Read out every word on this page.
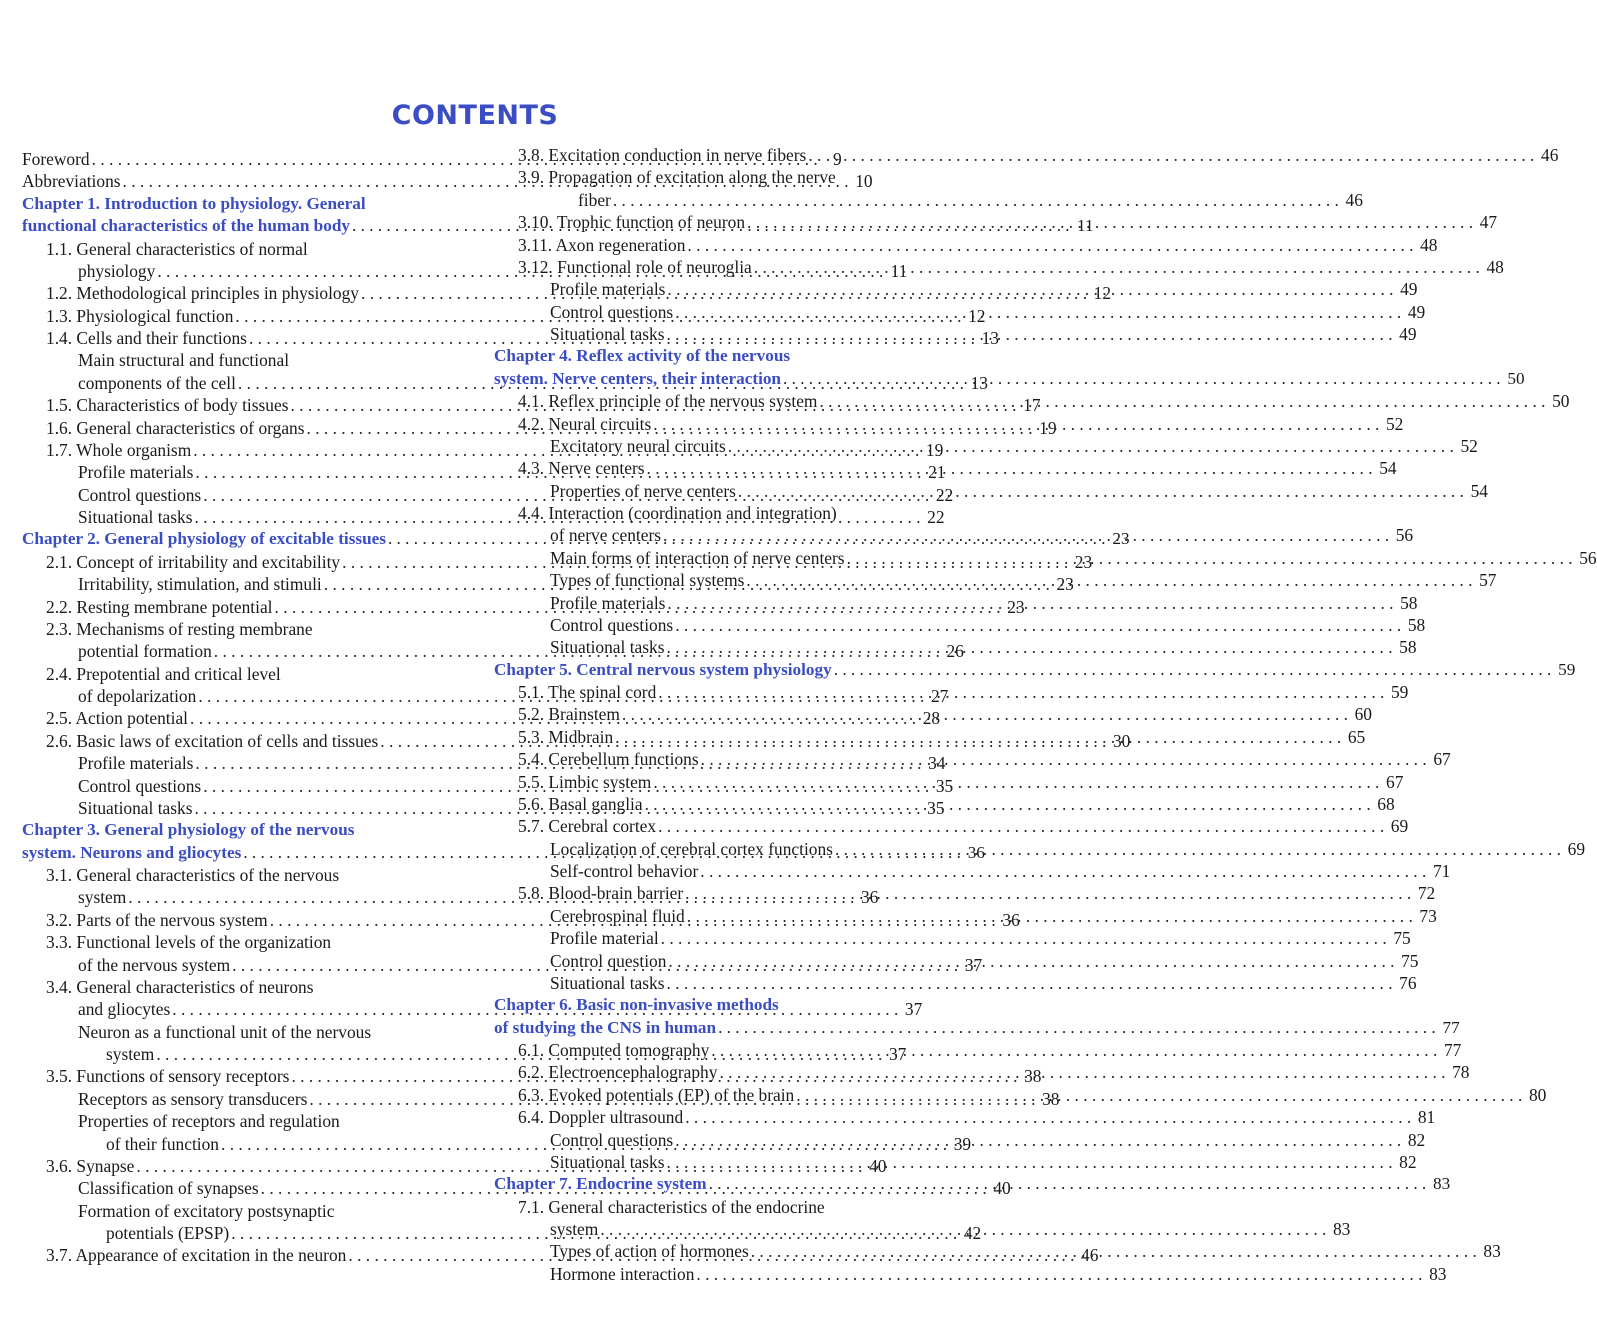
CONTENTS
Foreword . . .	9
Abbreviations . . .	10
Chapter 1. Introduction to physiology. General
functional characteristics of the human body . . .	11
1.1. General characteristics of normal
physiology . . .	11
1.2. Methodological principles in physiology . . .	12
1.3. Physiological function . . .	12
1.4. Cells and their functions . . .	13
Main structural and functional
components of the cell . . .	13
1.5. Characteristics of body tissues . . .	17
1.6. General characteristics of organs . . .	19
1.7. Whole organism . . .	19
Profile materials . . .	21
Control questions . . .	22
Situational tasks . . .	22
Chapter 2. General physiology of excitable tissues . . .	23
2.1. Concept of irritability and excitability . . .	23
Irritability, stimulation, and stimuli . . .	23
2.2. Resting membrane potential . . .	23
2.3. Mechanisms of resting membrane
potential formation . . .	26
2.4. Prepotential and critical level
of depolarization . . .	27
2.5. Action potential . . .	28
2.6. Basic laws of excitation of cells and tissues . . .	30
Profile materials . . .	34
Control questions . . .	35
Situational tasks . . .	35
Chapter 3. General physiology of the nervous
system. Neurons and gliocytes . . .	36
3.1. General characteristics of the nervous
system . . .	36
3.2. Parts of the nervous system . . .	36
3.3. Functional levels of the organization
of the nervous system . . .	37
3.4. General characteristics of neurons
and gliocytes . . .	37
Neuron as a functional unit of the nervous
system . . .	37
3.5. Functions of sensory receptors . . .	38
Receptors as sensory transducers . . .	38
Properties of receptors and regulation
of their function . . .	39
3.6. Synapse . . .	40
Classification of synapses . . .	40
Formation of excitatory postsynaptic
potentials (EPSP) . . .	42
3.7. Appearance of excitation in the neuron . . .	46
3.8. Excitation conduction in nerve fibers . . .	46
3.9. Propagation of excitation along the nerve
fiber . . .	46
3.10. Trophic function of neuron . . .	47
3.11. Axon regeneration . . .	48
3.12. Functional role of neuroglia . . .	48
Profile materials . . .	49
Control questions . . .	49
Situational tasks . . .	49
Chapter 4. Reflex activity of the nervous
system. Nerve centers, their interaction . . .	50
4.1. Reflex principle of the nervous system . . .	50
4.2. Neural circuits . . .	52
Excitatory neural circuits . . .	52
4.3. Nerve centers . . .	54
Properties of nerve centers . . .	54
4.4. Interaction (coordination and integration)
of nerve centers . . .	56
Main forms of interaction of nerve centers . . .	56
Types of functional systems . . .	57
Profile materials . . .	58
Control questions . . .	58
Situational tasks . . .	58
Chapter 5. Central nervous system physiology . . .	59
5.1. The spinal cord . . .	59
5.2. Brainstem . . .	60
5.3. Midbrain . . .	65
5.4. Cerebellum functions . . .	67
5.5. Limbic system . . .	67
5.6. Basal ganglia . . .	68
5.7. Cerebral cortex . . .	69
Localization of cerebral cortex functions . . .	69
Self-control behavior . . .	71
5.8. Blood-brain barrier . . .	72
Cerebrospinal fluid . . .	73
Profile material . . .	75
Control question . . .	75
Situational tasks . . .	76
Chapter 6. Basic non-invasive methods
of studying the CNS in human . . .	77
6.1. Computed tomography . . .	77
6.2. Electroencephalography . . .	78
6.3. Evoked potentials (EP) of the brain . . .	80
6.4. Doppler ultrasound . . .	81
Control questions . . .	82
Situational tasks . . .	82
Chapter 7. Endocrine system . . .	83
7.1. General characteristics of the endocrine
system . . .	83
Types of action of hormones . . .	83
Hormone interaction . . .	83
